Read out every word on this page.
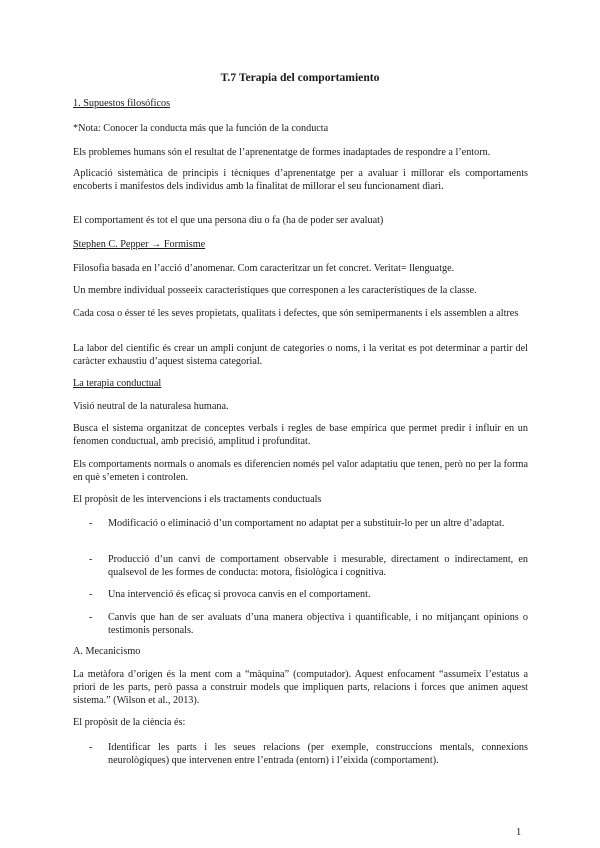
T.7 Terapia del comportamiento

1. Supuestos filosóficos

*Nota: Conocer la conducta más que la función de la conducta

Els problemes humans són el resultat de l’aprenentatge de formes inadaptades de respondre a l’entorn.

Aplicació sistemàtica de principis i tècniques d’aprenentatge per a avaluar i millorar els comportaments encoberts i manifestos dels individus amb la finalitat de millorar el seu funcionament diari.

El comportament és tot el que una persona diu o fa (ha de poder ser avaluat)

Stephen C. Pepper → Formisme

Filosofia basada en l’acció d’anomenar. Com caracteritzar un fet concret. Veritat= llenguatge.

Un membre individual posseeix característiques que corresponen a les característiques de la classe.

Cada cosa o ésser té les seves propietats, qualitats i defectes, que són semipermanents i els assemblen a altres

La labor del científic és crear un ampli conjunt de categories o noms, i la veritat es pot determinar a partir del caràcter exhaustiu d’aquest sistema categorial.

La terapia conductual

Visió neutral de la naturalesa humana.

Busca el sistema organitzat de conceptes verbals i regles de base empírica que permet predir i influir en un fenomen conductual, amb precisió, amplitud i profunditat.

Els comportaments normals o anomals es diferencien només pel valor adaptatiu que tenen, però no per la forma en què s’emeten i controlen.

El propòsit de les intervencions i els tractaments conductuals

- Modificació o eliminació d’un comportament no adaptat per a substituir-lo per un altre d’adaptat.
- Producció d’un canvi de comportament observable i mesurable, directament o indirectament, en qualsevol de les formes de conducta: motora, fisiològica i cognitiva.
- Una intervenció és eficaç si provoca canvis en el comportament.
- Canvis que han de ser avaluats d’una manera objectiva i quantificable, i no mitjançant opinions o testimonis personals.

A. Mecanicismo

La metàfora d’origen és la ment com a “màquina” (computador). Aquest enfocament “assumeix l’estatus a priori de les parts, però passa a construir models que impliquen parts, relacions i forces que animen aquest sistema.” (Wilson et al., 2013).

El propòsit de la ciència és:

- Identificar les parts i les seues relacions (per exemple, construccions mentals, connexions neurològiques) que intervenen entre l’entrada (entorn) i l’eixida (comportament).
1
